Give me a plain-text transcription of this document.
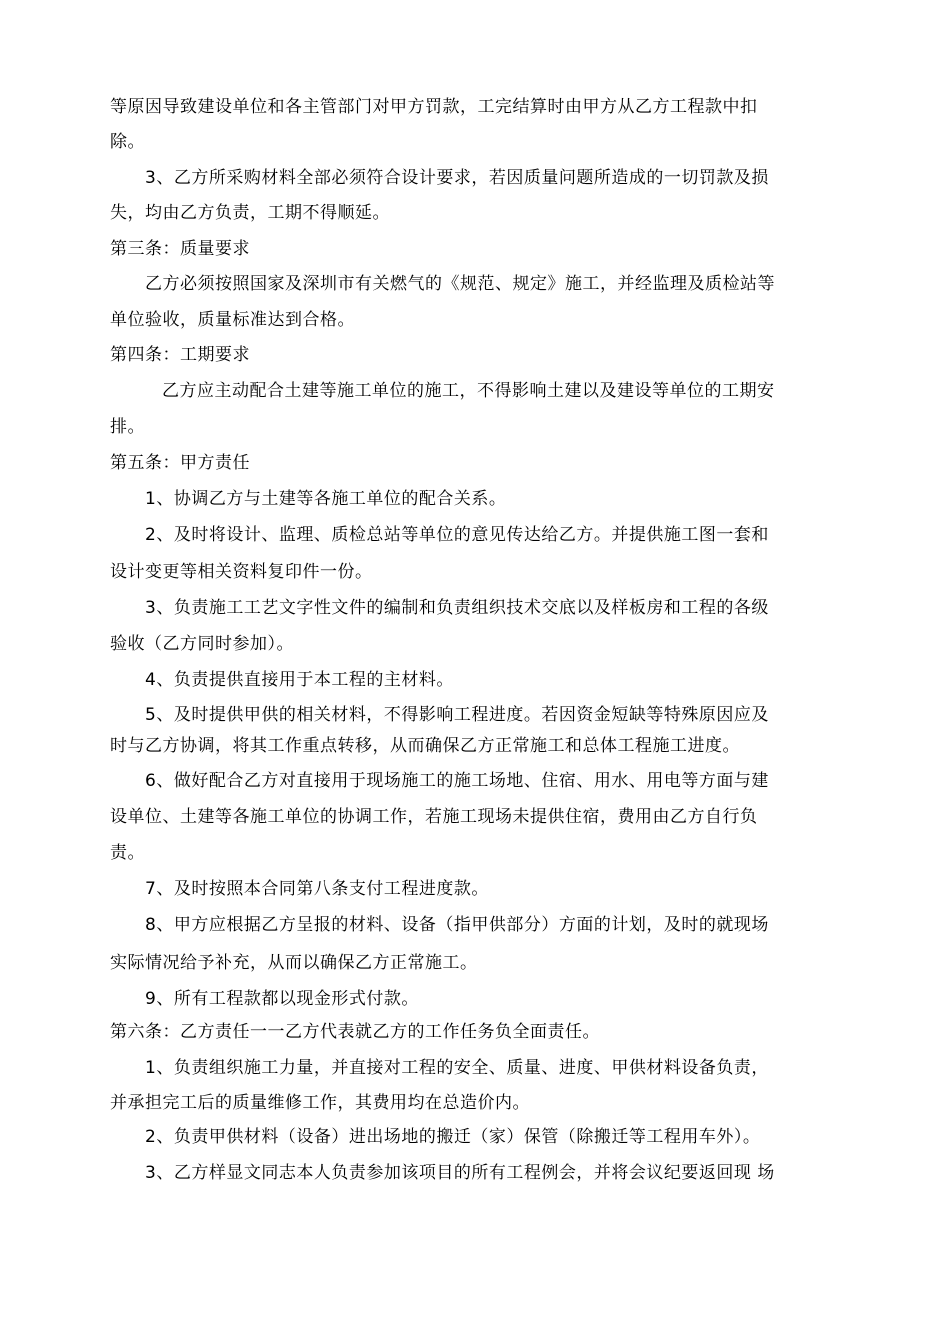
等原因导致建设单位和各主管部门对甲方罚款，工完结算时由甲方从乙方工程款中扣
除。
3、乙方所采购材料全部必须符合设计要求，若因质量问题所造成的一切罚款及损
失，均由乙方负责，工期不得顺延。
第三条：质量要求
乙方必须按照国家及深圳市有关燃气的《规范、规定》施工，并经监理及质检站等
单位验收，质量标准达到合格。
第四条：工期要求
乙方应主动配合土建等施工单位的施工，不得影响土建以及建设等单位的工期安
排。
第五条：甲方责任
1、协调乙方与土建等各施工单位的配合关系。
2、及时将设计、监理、质检总站等单位的意见传达给乙方。并提供施工图一套和
设计变更等相关资料复印件一份。
3、负责施工工艺文字性文件的编制和负责组织技术交底以及样板房和工程的各级
验收（乙方同时参加）。
4、负责提供直接用于本工程的主材料。
5、及时提供甲供的相关材料，不得影响工程进度。若因资金短缺等特殊原因应及
时与乙方协调，将其工作重点转移，从而确保乙方正常施工和总体工程施工进度。
6、做好配合乙方对直接用于现场施工的施工场地、住宿、用水、用电等方面与建
设单位、土建等各施工单位的协调工作，若施工现场未提供住宿，费用由乙方自行负
责。
7、及时按照本合同第八条支付工程进度款。
8、甲方应根据乙方呈报的材料、设备（指甲供部分）方面的计划，及时的就现场
实际情况给予补充，从而以确保乙方正常施工。
9、所有工程款都以现金形式付款。
第六条：乙方责任一一乙方代表就乙方的工作任务负全面责任。
1、负责组织施工力量，并直接对工程的安全、质量、进度、甲供材料设备负责，
并承担完工后的质量维修工作，其费用均在总造价内。
2、负责甲供材料（设备）进出场地的搬迁（家）保管（除搬迁等工程用车外）。
3、乙方样显文同志本人负责参加该项目的所有工程例会，并将会议纪要返回现 场
